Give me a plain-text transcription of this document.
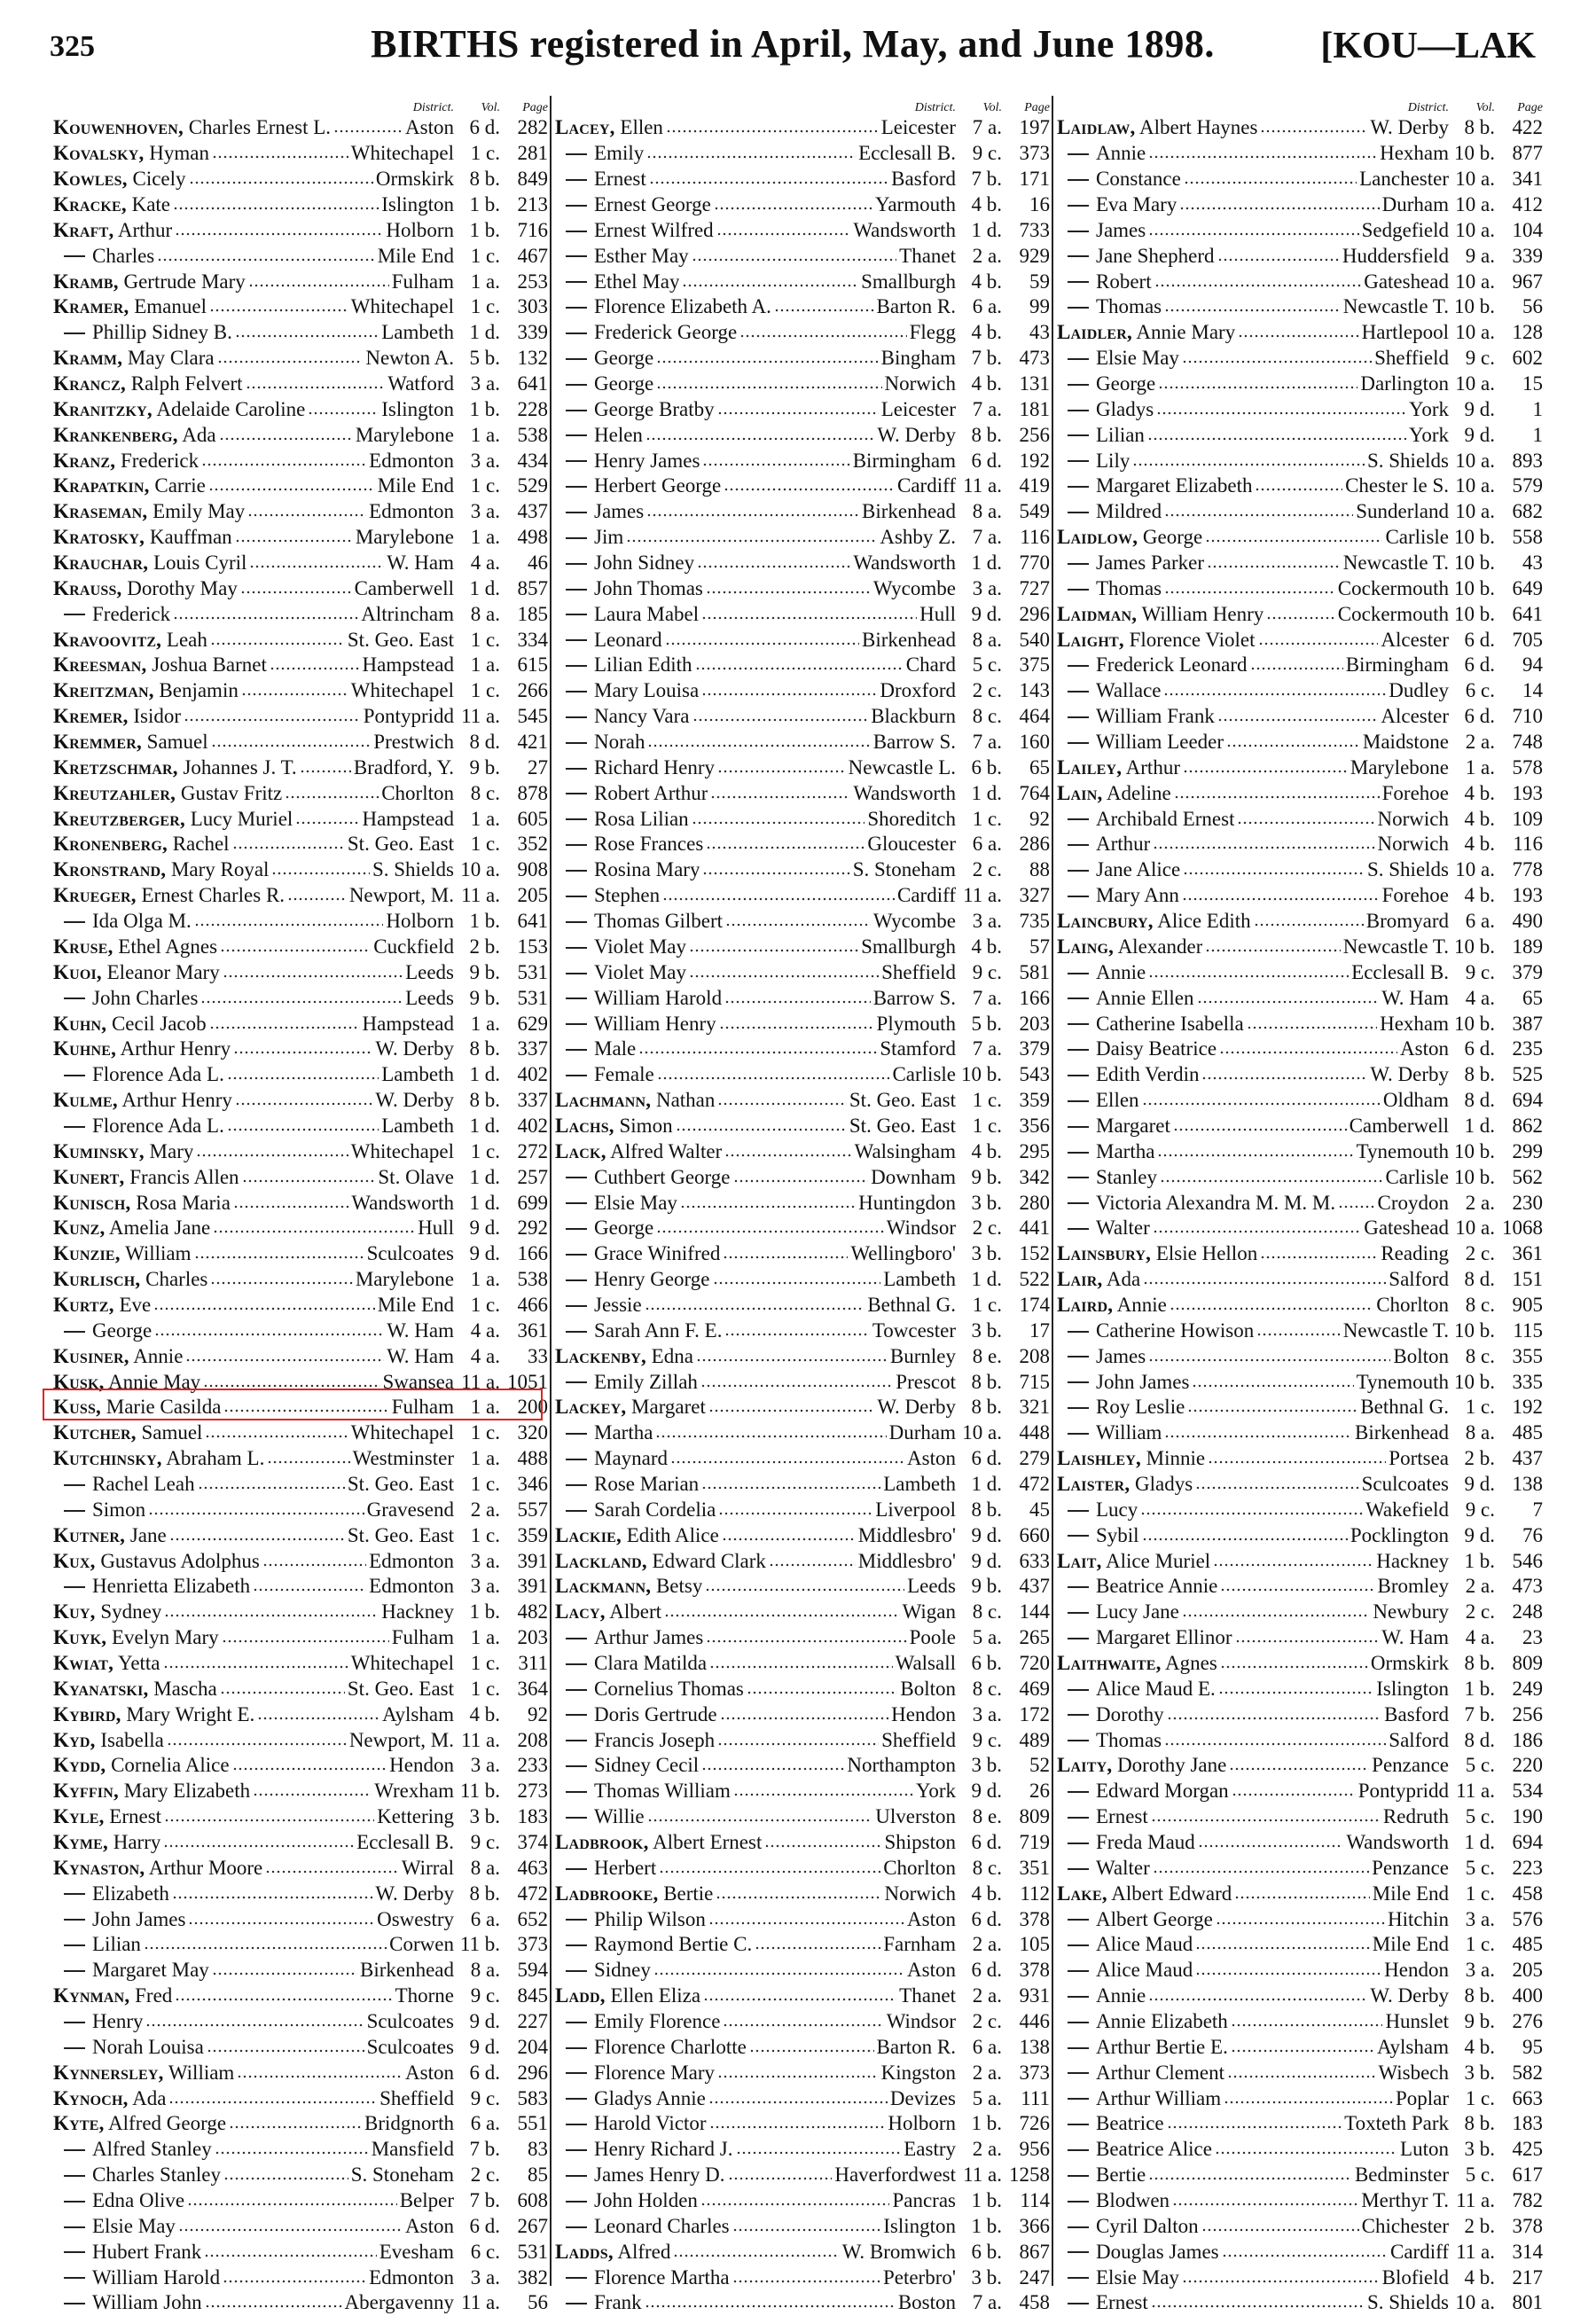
325	BIRTHS registered in April, May, and June 1898.	[KOU—LAK
District.	Vol.	Page
Kouwenhoven, Charles Ernest L.	Aston 6 d. 282
Kovalsky, Hyman	Whitechapel 1 c. 281
Kowles, Cicely	Ormskirk 8 b. 849
Kracke, Kate	Islington 1 b. 213
Kraft, Arthur	Holborn 1 b. 716
Charles	Mile End 1 c. 467
Kramb, Gertrude Mary	Fulham 1 a. 253
Kramer, Emanuel	Whitechapel 1 c. 303
Phillip Sidney B.	Lambeth 1 d. 339
Kramm, May Clara	Newton A. 5 b. 132
Krancz, Ralph Felvert	Watford 3 a. 641
Kranitzky, Adelaide Caroline	Islington 1 b. 228
Krankenberg, Ada	Marylebone 1 a. 538
Kranz, Frederick	Edmonton 3 a. 434
Krapatkin, Carrie	Mile End 1 c. 529
Kraseman, Emily May	Edmonton 3 a. 437
Kratosky, Kauffman	Marylebone 1 a. 498
Krauchar, Louis Cyril	W. Ham 4 a.	46
Krauss, Dorothy May	Camberwell 1 d. 857
Frederick	Altrincham 8 a. 185
Kravoovitz, Leah	St. Geo. East 1 c. 334
Kreesman, Joshua Barnet	Hampstead 1 a. 615
Kreitzman, Benjamin	Whitechapel 1 c. 266
Kremer, Isidor	Pontypridd 11 a. 545
Kremmer, Samuel	Prestwich 8 d. 421
Kretzschmar, Johannes J. T.	Bradford, Y. 9 b.	27
Kreutzahler, Gustav Fritz	Chorlton 8 c. 878
Kreutzberger, Lucy Muriel	Hampstead 1 a. 605
Kronenberg, Rachel	St. Geo. East 1 c. 352
Kronstrand, Mary Royal	S. Shields 10 a. 908
Krueger, Ernest Charles R.	Newport, M. 11 a. 205
Ida Olga M.	Holborn 1 b. 641
Kruse, Ethel Agnes	Cuckfield 2 b. 153
Kuoi, Eleanor Mary	Leeds 9 b. 531
John Charles	Leeds 9 b. 531
Kuhn, Cecil Jacob	Hampstead 1 a. 629
Kuhne, Arthur Henry	W. Derby 8 b. 337
Florence Ada L.	Lambeth 1 d. 402
Kulme, Arthur Henry	W. Derby 8 b. 337
Florence Ada L.	Lambeth 1 d. 402
Kuminsky, Mary	Whitechapel 1 c. 272
Kunert, Francis Allen	St. Olave 1 d. 257
Kunisch, Rosa Maria	Wandsworth 1 d. 699
Kunz, Amelia Jane	Hull 9 d. 292
Kunzie, William	Sculcoates 9 d. 166
Kurlisch, Charles	Marylebone 1 a. 538
Kurtz, Eve	Mile End 1 c. 466
George	W. Ham 4 a. 361
Kusiner, Annie	W. Ham 4 a.	33
Kusk, Annie May	Swansea 11 a. 1051
Kuss, Marie Casilda	Fulham 1 a. 200
Kutcher, Samuel	Whitechapel 1 c. 320
Kutchinsky, Abraham L.	Westminster 1 a. 488
Rachel Leah	St. Geo. East 1 c. 346
Simon	Gravesend 2 a. 557
Kutner, Jane	St. Geo. East 1 c. 359
Kux, Gustavus Adolphus	Edmonton 3 a. 391
Henrietta Elizabeth	Edmonton 3 a. 391
Kuy, Sydney	Hackney 1 b. 482
Kuyk, Evelyn Mary	Fulham 1 a. 203
Kwiat, Yetta	Whitechapel 1 c. 311
Kyanatski, Mascha	St. Geo. East 1 c. 364
Kybird, Mary Wright E.	Aylsham 4 b.	92
Kyd, Isabella	Newport, M. 11 a. 208
Kydd, Cornelia Alice	Hendon 3 a. 233
Kyffin, Mary Elizabeth	Wrexham 11 b. 273
Kyle, Ernest	Kettering 3 b. 183
Kyme, Harry	Ecclesall B. 9 c. 374
Kynaston, Arthur Moore	Wirral 8 a. 463
Elizabeth	W. Derby 8 b. 472
John James	Oswestry 6 a. 652
Lilian	Corwen 11 b. 373
Margaret May	Birkenhead 8 a. 594
Kynman, Fred	Thorne 9 c. 845
Henry	Sculcoates 9 d. 227
Norah Louisa	Sculcoates 9 d. 204
Kynnersley, William	Aston 6 d. 296
Kynoch, Ada	Sheffield 9 c. 583
Kyte, Alfred George	Bridgnorth 6 a. 551
Alfred Stanley	Mansfield 7 b.	83
Charles Stanley	S. Stoneham 2 c.	85
Edna Olive	Belper 7 b. 608
Elsie May	Aston 6 d. 267
Hubert Frank	Evesham 6 c. 531
William Harold	Edmonton 3 a. 382
William John	Abergavenny 11 a.	56
District.	Vol.	Page
Lacey, Ellen	Leicester 7 a. 197
Emily	Ecclesall B. 9 c. 373
Ernest	Basford 7 b. 171
Ernest George	Yarmouth 4 b.	16
Ernest Wilfred	Wandsworth 1 d. 733
Esther May	Thanet 2 a. 929
Ethel May	Smallburgh 4 b.	59
Florence Elizabeth A.	Barton R. 6 a.	99
Frederick George	Flegg 4 b.	43
George	Bingham 7 b. 473
George	Norwich 4 b. 131
George Bratby	Leicester 7 a. 181
Helen	W. Derby 8 b. 256
Henry James	Birmingham 6 d. 192
Herbert George	Cardiff 11 a. 419
James	Birkenhead 8 a. 549
Jim	Ashby Z. 7 a. 116
John Sidney	Wandsworth 1 d. 770
John Thomas	Wycombe 3 a. 727
Laura Mabel	Hull 9 d. 296
Leonard	Birkenhead 8 a. 540
Lilian Edith	Chard 5 c. 375
Mary Louisa	Droxford 2 c. 143
Nancy Vara	Blackburn 8 c. 464
Norah	Barrow S. 7 a. 160
Richard Henry	Newcastle L. 6 b.	65
Robert Arthur	Wandsworth 1 d. 764
Rosa Lilian	Shoreditch 1 c.	92
Rose Frances	Gloucester 6 a. 286
Rosina Mary	S. Stoneham 2 c.	88
Stephen	Cardiff 11 a. 327
Thomas Gilbert	Wycombe 3 a. 735
Violet May	Smallburgh 4 b.	57
Violet May	Sheffield 9 c. 581
William Harold	Barrow S. 7 a. 166
William Henry	Plymouth 5 b. 203
Male	Stamford 7 a. 379
Female	Carlisle 10 b. 543
Lachmann, Nathan	St. Geo. East 1 c. 359
Lachs, Simon	St. Geo. East 1 c. 356
Lack, Alfred Walter	Walsingham 4 b. 295
Cuthbert George	Downham 9 b. 342
Elsie May	Huntingdon 3 b. 280
George	Windsor 2 c. 441
Grace Winifred	Wellingboro' 3 b. 152
Henry George	Lambeth 1 d. 522
Jessie	Bethnal G. 1 c. 174
Sarah Ann F. E.	Towcester 3 b.	17
Lackenby, Edna	Burnley 8 e. 208
Emily Zillah	Prescot 8 b. 715
Lackey, Margaret	W. Derby 8 b. 321
Martha	Durham 10 a. 448
Maynard	Aston 6 d. 279
Rose Marian	Lambeth 1 d. 472
Sarah Cordelia	Liverpool 8 b.	45
Lackie, Edith Alice	Middlesbro' 9 d. 660
Lackland, Edward Clark	Middlesbro' 9 d. 633
Lackmann, Betsy	Leeds 9 b. 437
Lacy, Albert	Wigan 8 c. 144
Arthur James	Poole 5 a. 265
Clara Matilda	Walsall 6 b. 720
Cornelius Thomas	Bolton 8 c. 469
Doris Gertrude	Hendon 3 a. 172
Francis Joseph	Sheffield 9 c. 489
Sidney Cecil	Northampton 3 b.	52
Thomas William	York 9 d.	26
Willie	Ulverston 8 e. 809
Ladbrook, Albert Ernest	Shipston 6 d. 719
Herbert	Chorlton 8 c. 351
Ladbrooke, Bertie	Norwich 4 b. 112
Philip Wilson	Aston 6 d. 378
Raymond Bertie C.	Farnham 2 a. 105
Sidney	Aston 6 d. 378
Ladd, Ellen Eliza	Thanet 2 a. 931
Emily Florence	Windsor 2 c. 446
Florence Charlotte	Barton R. 6 a. 138
Florence Mary	Kingston 2 a. 373
Gladys Annie	Devizes 5 a. 111
Harold Victor	Holborn 1 b. 726
Henry Richard J.	Eastry 2 a. 956
James Henry D.	Haverfordwest 11 a. 1258
John Holden	Pancras 1 b. 114
Leonard Charles	Islington 1 b. 366
Ladds, Alfred	W. Bromwich 6 b. 867
Florence Martha	Peterbro' 3 b. 247
Frank	Boston 7 a. 458
District.	Vol.	Page
Laidlaw, Albert Haynes	W. Derby 8 b. 422
Annie	Hexham 10 b. 877
Constance	Lanchester 10 a. 341
Eva Mary	Durham 10 a. 412
James	Sedgefield 10 a. 104
Jane Shepherd	Huddersfield 9 a. 339
Robert	Gateshead 10 a. 967
Thomas	Newcastle T. 10 b.	56
Laidler, Annie Mary	Hartlepool 10 a. 128
Elsie May	Sheffield 9 c. 602
George	Darlington 10 a.	15
Gladys	York 9 d.	1
Lilian	York 9 d.	1
Lily	S. Shields 10 a. 893
Margaret Elizabeth	Chester le S. 10 a. 579
Mildred	Sunderland 10 a. 682
Laidlow, George	Carlisle 10 b. 558
James Parker	Newcastle T. 10 b.	43
Thomas	Cockermouth 10 b. 649
Laidman, William Henry	Cockermouth 10 b. 641
Laight, Florence Violet	Alcester 6 d. 705
Frederick Leonard	Birmingham 6 d.	94
Wallace	Dudley 6 c.	14
William Frank	Alcester 6 d. 710
William Leeder	Maidstone 2 a. 748
Lailey, Arthur	Marylebone 1 a. 578
Lain, Adeline	Forehoe 4 b. 193
Archibald Ernest	Norwich 4 b. 109
Arthur	Norwich 4 b. 116
Jane Alice	S. Shields 10 a. 778
Mary Ann	Forehoe 4 b. 193
Laincbury, Alice Edith	Bromyard 6 a. 490
Laing, Alexander	Newcastle T. 10 b. 189
Annie	Ecclesall B. 9 c. 379
Annie Ellen	W. Ham 4 a.	65
Catherine Isabella	Hexham 10 b. 387
Daisy Beatrice	Aston 6 d. 235
Edith Verdin	W. Derby 8 b. 525
Ellen	Oldham 8 d. 694
Margaret	Camberwell 1 d. 862
Martha	Tynemouth 10 b. 299
Stanley	Carlisle 10 b. 562
Victoria Alexandra M. M. M. Croydon 2 a. 230
Walter	Gateshead 10 a. 1068
Lainsbury, Elsie Hellon	Reading 2 c. 361
Lair, Ada	Salford 8 d. 151
Laird, Annie	Chorlton 8 c. 905
Catherine Howison	Newcastle T. 10 b. 115
James	Bolton 8 c. 355
John James	Tynemouth 10 b. 335
Roy Leslie	Bethnal G. 1 c. 192
William	Birkenhead 8 a. 485
Laishley, Minnie	Portsea 2 b. 437
Laister, Gladys	Sculcoates 9 d. 138
Lucy	Wakefield 9 c.	7
Sybil	Pocklington 9 d.	76
Lait, Alice Muriel	Hackney 1 b. 546
Beatrice Annie	Bromley 2 a. 473
Lucy Jane	Newbury 2 c. 248
Margaret Ellinor	W. Ham 4 a.	23
Laithwaite, Agnes	Ormskirk 8 b. 809
Alice Maud E.	Islington 1 b. 249
Dorothy	Basford 7 b. 256
Thomas	Salford 8 d. 186
Laity, Dorothy Jane	Penzance 5 c. 220
Edward Morgan	Pontypridd 11 a. 534
Ernest	Redruth 5 c. 190
Freda Maud	Wandsworth 1 d. 694
Walter	Penzance 5 c. 223
Lake, Albert Edward	Mile End 1 c. 458
Albert George	Hitchin 3 a. 576
Alice Maud	Mile End 1 c. 485
Alice Maud	Hendon 3 a. 205
Annie	W. Derby 8 b. 400
Annie Elizabeth	Hunslet 9 b. 276
Arthur Bertie E.	Aylsham 4 b.	95
Arthur Clement	Wisbech 3 b. 582
Arthur William	Poplar 1 c. 663
Beatrice	Toxteth Park 8 b. 183
Beatrice Alice	Luton 3 b. 425
Bertie	Bedminster 5 c. 617
Blodwen	Merthyr T. 11 a. 782
Cyril Dalton	Chichester 2 b. 378
Douglas James	Cardiff 11 a. 314
Elsie May	Blofield 4 b. 217
Ernest	S. Shields 10 a. 801
